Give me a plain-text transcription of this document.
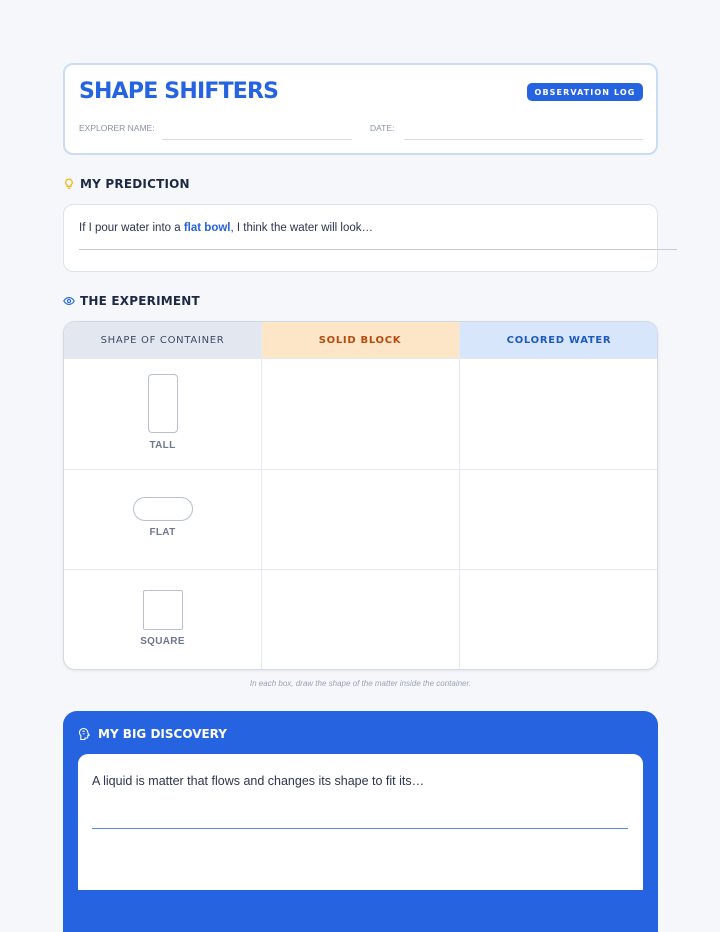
SHAPE SHIFTERS	OBSERVATION LOG
EXPLORER NAME:	DATE:
MY PREDICTION
If I pour water into a flat bowl, I think the water will look…
THE EXPERIMENT
SHAPE OF CONTAINER	SOLID BLOCK	COLORED WATER
TALL
FLAT
SQUARE
In each box, draw the shape of the matter inside the container.
MY BIG DISCOVERY
A liquid is matter that flows and changes its shape to fit its…
